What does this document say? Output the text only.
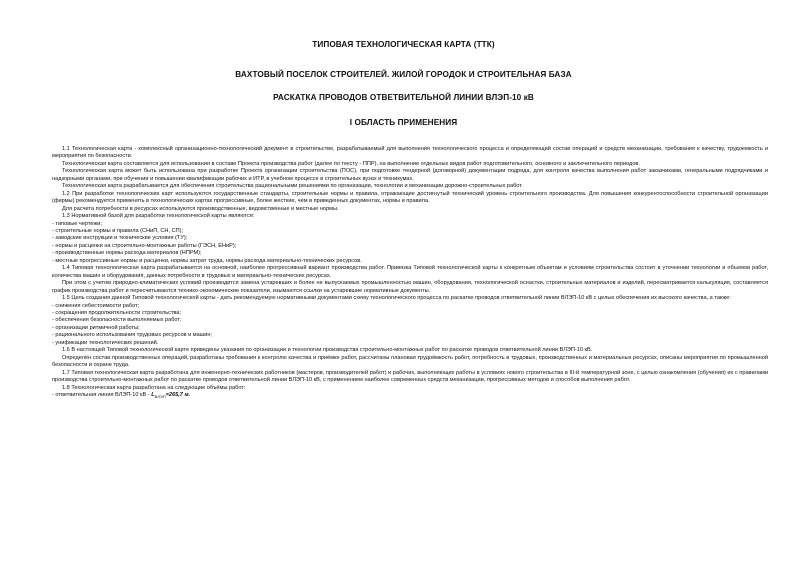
ТИПОВАЯ ТЕХНОЛОГИЧЕСКАЯ КАРТА (ТТК)
ВАХТОВЫЙ ПОСЕЛОК СТРОИТЕЛЕЙ. ЖИЛОЙ ГОРОДОК И СТРОИТЕЛЬНАЯ БАЗА
РАСКАТКА ПРОВОДОВ ОТВЕТВИТЕЛЬНОЙ ЛИНИИ ВЛЭП-10 кВ
I ОБЛАСТЬ ПРИМЕНЕНИЯ

1.1 Технологическая карта - комплексный организационно-технологический документ в строительстве, разрабатываемый для выполнения технологического процесса и определяющий состав операций и средств механизации, требования к качеству, трудоемкость и мероприятия по безопасности.

Технологическая карта составляется для использования в составе Проекта производства работ (далее по тексту - ППР), на выполнение отдельных видов работ подготовительного, основного и заключительного периодов.

Технологическая карта может быть использована при разработке Проекта организации строительства (ПОС), при подготовке тендерной (договорной) документации подряда, для контроля качества выполнения работ заказчиками, генеральными подрядчиками и надзорными органами, при обучении и повышении квалификации рабочих и ИТР, в учебном процессе в строительных вузах и техникумах.

Технологическая карта разрабатывается для обеспечения строительства рациональными решениями по организации, технологии и механизации дорожно-строительных работ.

1.2 При разработке технологических карт используются государственные стандарты, строительные нормы и правила, отражающие достигнутый технический уровень строительного производства. Для повышения конкурентоспособности строительной организации (фирмы) рекомендуется применять в технологических картах прогрессивные, более жесткие, чем в приведенных документах, нормы и правила.

Для расчета потребности в ресурсах используются производственные, ведомственные и местные нормы.

1.3 Нормативной базой для разработки технологической карты являются:

- типовые чертежи;

- строительные нормы и правила (СНиП, СН, СП);

- заводские инструкции и технические условия (ТУ);

- нормы и расценки на строительно-монтажные работы (ГЭСН, ЕНиР);

- производственные нормы расхода материалов (НПРМ);

- местные прогрессивные нормы и расценки, нормы затрат труда, нормы расхода материально-технических ресурсов.

1.4 Типовая технологическая карта разрабатывается на основной, наиболее прогрессивный вариант производства работ. Привязка Типовой технологической карты к конкретным объектам и условиям строительства состоит в уточнении технологии и объемов работ, количества машин и оборудования, данных потребности в трудовых и материально-технических ресурсах.

При этом с учетом природно-климатических условий производится замена устаревших и более не выпускаемых промышленностью машин, оборудования, технологической оснастки, строительных материалов и изделий, пересматривается калькуляция, составляется график производства работ и пересчитываются технико-экономические показатели, изымаются ссылки на устаревшие нормативные документы.

1.5 Цель создания данной Типовой технологической карты - дать рекомендуемую нормативными документами схему технологического процесса по раскатке проводов ответвительной линии ВЛЭП-10 кВ с целью обеспечения их высокого качества, а также:

- снижения себестоимости работ;

- сокращения продолжительности строительства;

- обеспечения безопасности выполняемых работ;

- организации ритмичной работы;

- рационального использования трудовых ресурсов и машин;

- унификации технологических решений.

1.6 В настоящей Типовой технологической карте приведены указания по организации и технологии производства строительно-монтажных работ по раскатке проводов ответвительной линии ВЛЭП-10 кВ.

Определён состав производственных операций, разработаны требования к контролю качества и приёмке работ, рассчитаны плановая трудоёмкость работ, потребность в трудовых, производственных и материальных ресурсах, описаны мероприятия по промышленной безопасности и охране труда.

1.7 Типовая технологическая карта разработана для инженерно-технических работников (мастеров, производителей работ) и рабочих, выполняющих работы в условиях нового строительства в III-й температурной зоне, с целью ознакомления (обучения) их с правилами производства строительно-монтажных работ по раскатке проводов ответвительной линии ВЛЭП-10 кВ, с применением наиболее современных средств механизации, прогрессивных методов и способов выполнения работ.

1.8 Технологическая карта разработана на следующие объёмы работ:

- ответвительная линия ВЛЭП-10 кВ - $L_{ВЛЭП}=265,7$ м.
